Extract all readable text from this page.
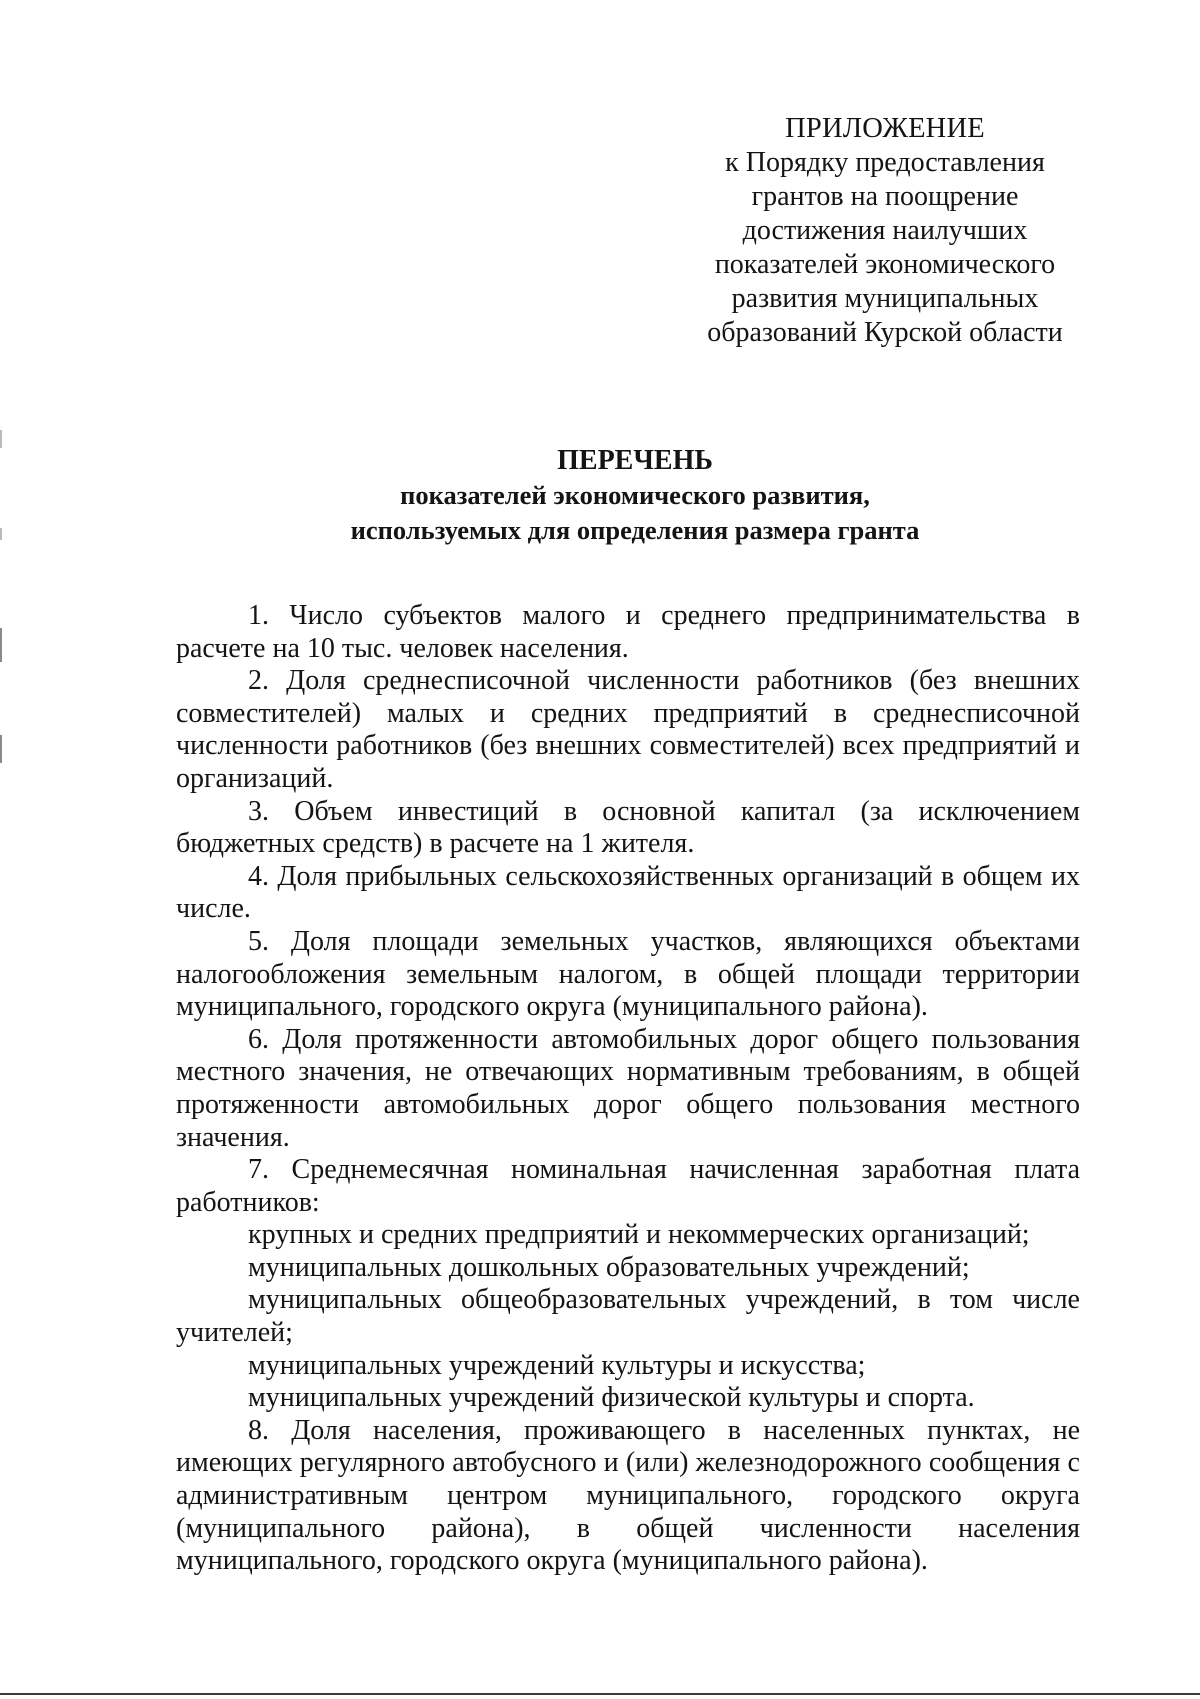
ПРИЛОЖЕНИЕ
к Порядку предоставления
грантов на поощрение
достижения наилучших
показателей экономического
развития муниципальных
образований Курской области
ПЕРЕЧЕНЬ
показателей экономического развития,
используемых для определения размера гранта

1. Число субъектов малого и среднего предпринимательства в расчете на 10 тыс. человек населения.

2. Доля среднесписочной численности работников (без внешних совместителей) малых и средних предприятий в среднесписочной численности работников (без внешних совместителей) всех предприятий и организаций.

3. Объем инвестиций в основной капитал (за исключением бюджетных средств) в расчете на 1 жителя.

4. Доля прибыльных сельскохозяйственных организаций в общем их числе.

5. Доля площади земельных участков, являющихся объектами налогообложения земельным налогом, в общей площади территории муниципального, городского округа (муниципального района).

6. Доля протяженности автомобильных дорог общего пользования местного значения, не отвечающих нормативным требованиям, в общей протяженности автомобильных дорог общего пользования местного значения.

7. Среднемесячная номинальная начисленная заработная плата работников:

крупных и средних предприятий и некоммерческих организаций;

муниципальных дошкольных образовательных учреждений;

муниципальных общеобразовательных учреждений, в том числе учителей;

муниципальных учреждений культуры и искусства;

муниципальных учреждений физической культуры и спорта.

8. Доля населения, проживающего в населенных пунктах, не имеющих регулярного автобусного и (или) железнодорожного сообщения с административным центром муниципального, городского округа (муниципального района), в общей численности населения муниципального, городского округа (муниципального района).
